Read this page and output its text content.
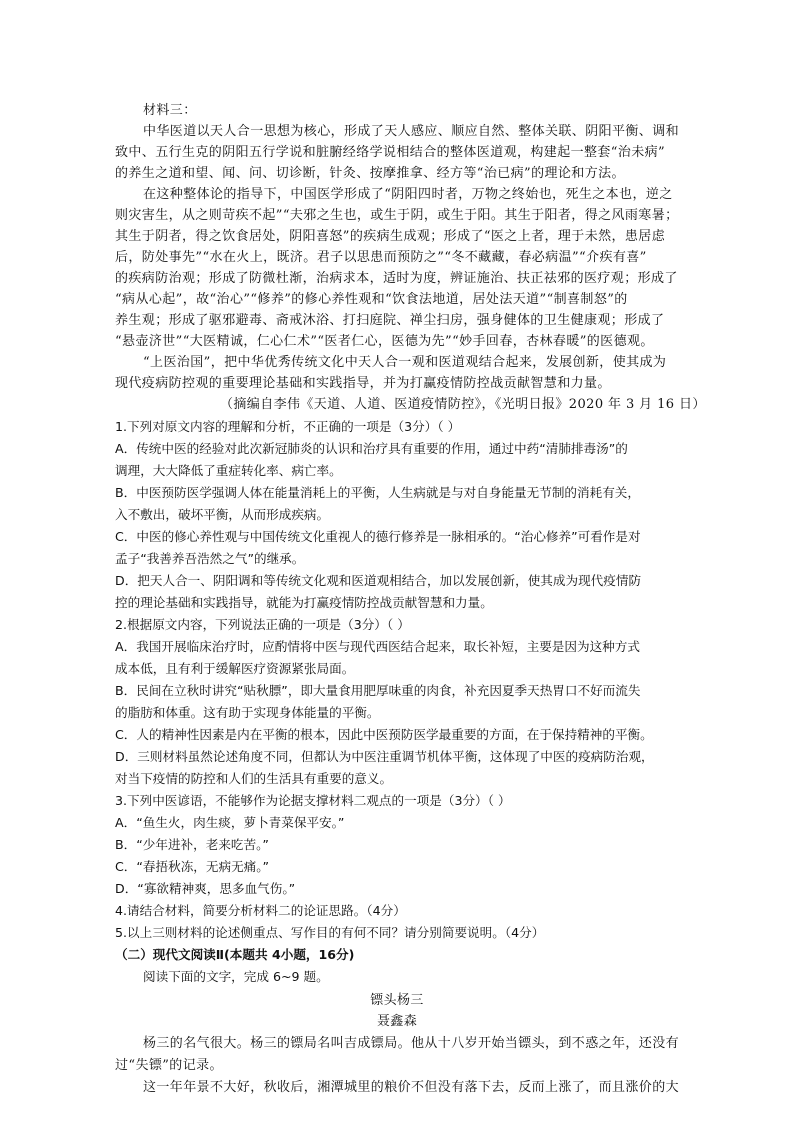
材料三：
中华医道以天人合一思想为核心，形成了天人感应、顺应自然、整体关联、阴阳平衡、调和
致中、五行生克的阴阳五行学说和脏腑经络学说相结合的整体医道观，构建起一整套“治未病”
的养生之道和望、闻、问、切诊断，针灸、按摩推拿、经方等“治已病”的理论和方法。
在这种整体论的指导下，中国医学形成了“阴阳四时者，万物之终始也，死生之本也，逆之
则灾害生，从之则苛疾不起”“夫邪之生也，或生于阴，或生于阳。其生于阳者，得之风雨寒暑；
其生于阴者，得之饮食居处，阴阳喜怒”的疾病生成观；形成了“医之上者，理于未然，患居虑
后，防处事先”“水在火上，既济。君子以思患而预防之”“冬不藏藏，春必病温”“介疾有喜”
的疾病防治观；形成了防微杜渐，治病求本，适时为度，辨证施治、扶正祛邪的医疗观；形成了
“病从心起”，故“治心”“修养”的修心养性观和“饮食法地道，居处法天道”“制喜制怒”的
养生观；形成了驱邪避毒、斋戒沐浴、打扫庭院、禅尘扫房，强身健体的卫生健康观；形成了
“悬壶济世”“大医精诚，仁心仁术”“医者仁心，医德为先”“妙手回春，杏林春暖”的医德观。
“上医治国”，把中华优秀传统文化中天人合一观和医道观结合起来，发展创新，使其成为
现代疫病防控观的重要理论基础和实践指导，并为打赢疫情防控战贡献智慧和力量。
（摘编自李伟《天道、人道、医道疫情防控》，《光明日报》2020 年 3 月 16 日）
1.下列对原文内容的理解和分析，不正确的一项是（3分）（ ）
A．传统中医的经验对此次新冠肺炎的认识和治疗具有重要的作用，通过中药“清肺排毒汤”的
调理，大大降低了重症转化率、病亡率。
B．中医预防医学强调人体在能量消耗上的平衡，人生病就是与对自身能量无节制的消耗有关，
入不敷出，破坏平衡，从而形成疾病。
C．中医的修心养性观与中国传统文化重视人的德行修养是一脉相承的。“治心修养”可看作是对
孟子“我善养吾浩然之气”的继承。
D．把天人合一、阴阳调和等传统文化观和医道观相结合，加以发展创新，使其成为现代疫情防
控的理论基础和实践指导，就能为打赢疫情防控战贡献智慧和力量。
2.根据原文内容，下列说法正确的一项是（3分）（ ）
A．我国开展临床治疗时，应酌情将中医与现代西医结合起来，取长补短，主要是因为这种方式
成本低，且有利于缓解医疗资源紧张局面。
B．民间在立秋时讲究“贴秋膘”，即大量食用肥厚味重的肉食，补充因夏季天热胃口不好而流失
的脂肪和体重。这有助于实现身体能量的平衡。
C．人的精神性因素是内在平衡的根本，因此中医预防医学最重要的方面，在于保持精神的平衡。
D．三则材料虽然论述角度不同，但都认为中医注重调节机体平衡，这体现了中医的疫病防治观，
对当下疫情的防控和人们的生活具有重要的意义。
3.下列中医谚语，不能够作为论据支撑材料二观点的一项是（3分）（ ）
A．“鱼生火，肉生痰，萝卜青菜保平安。”
B．“少年进补，老来吃苦。”
C．“春捂秋冻，无病无痛。”
D．“寡欲精神爽，思多血气伤。”
4.请结合材料，简要分析材料二的论证思路。（4分）
5.以上三则材料的论述侧重点、写作目的有何不同？请分别简要说明。（4分）
（二）现代文阅读Ⅱ(本题共 4小题，16分)
阅读下面的文字，完成 6~9 题。
镖头杨三
聂鑫森
杨三的名气很大。杨三的镖局名叫吉成镖局。他从十八岁开始当镖头，到不惑之年，还没有
过“失镖”的记录。
这一年年景不大好，秋收后，湘潭城里的粮价不但没有落下去，反而上涨了，而且涨价的大
